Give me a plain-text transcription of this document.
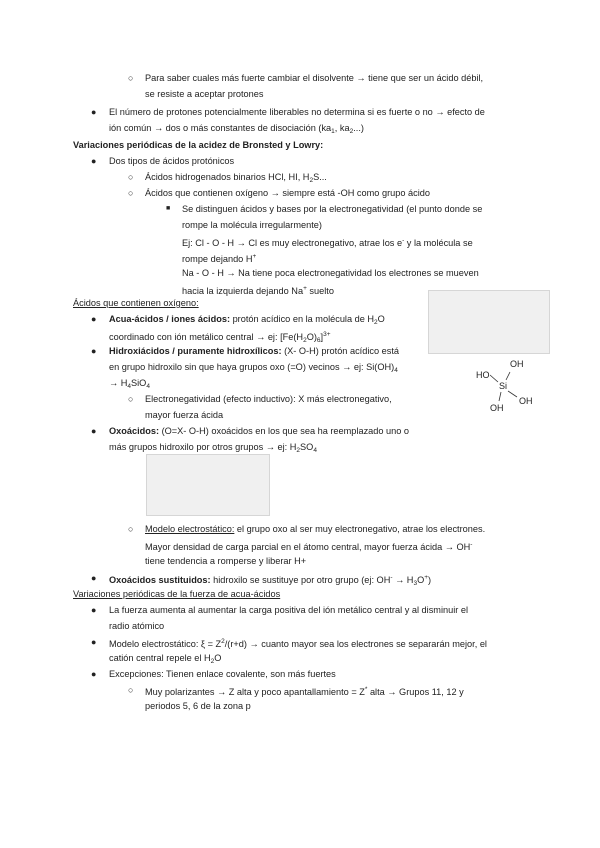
○ Para saber cuales más fuerte cambiar el disolvente → tiene que ser un ácido débil,
se resiste a aceptar protones
● El número de protones potencialmente liberables no determina si es fuerte o no → efecto de
ión común → dos o más constantes de disociación ($ka_1$, $ka_2$...)
Variaciones periódicas de la acidez de Bronsted y Lowry:
● Dos tipos de ácidos protónicos
○ Ácidos hidrogenados binarios HCl, HI, $H_2S$...
○ Ácidos que contienen oxígeno → siempre está -OH como grupo ácido
■ Se distinguen ácidos y bases por la electronegatividad (el punto donde se
rompe la molécula irregularmente)
Ej: Cl - O - H → Cl es muy electronegativo, atrae los e- y la molécula se
rompe dejando H+
Na - O - H → Na tiene poca electronegatividad los electrones se mueven
hacia la izquierda dejando Na+ suelto
Ácidos que contienen oxígeno:
● Acua-ácidos / iones ácidos: protón acídico en la molécula de $H_2O$
coordinado con ión metálico central → ej: $[Fe(H_2O)_6]^{3+}$
● Hidroxiácidos / puramente hidroxílicos: (X- O-H) protón acídico está
en grupo hidroxilo sin que haya grupos oxo (=O) vecinos → ej: $Si(OH)_4$
→ $H_4SiO_4$
OH
HO
Si
OH
OH
○ Electronegatividad (efecto inductivo): X más electronegativo,
mayor fuerza ácida
● Oxoácidos: (O=X- O-H) oxoácidos en los que sea ha reemplazado uno o
más grupos hidroxilo por otros grupos → ej: $H_2SO_4$
○ Modelo electrostático: el grupo oxo al ser muy electronegativo, atrae los electrones.
Mayor densidad de carga parcial en el átomo central, mayor fuerza ácida → OH-
tiene tendencia a romperse y liberar H+
● Oxoácidos sustituidos: hidroxilo se sustituye por otro grupo (ej: $OH^- \to H_3O^+$)
Variaciones periódicas de la fuerza de acua-ácidos
● La fuerza aumenta al aumentar la carga positiva del ión metálico central y al disminuir el
radio atómico
● Modelo electrostático: $\xi = Z^2/(r+d)$ → cuanto mayor sea los electrones se separarán mejor, el
catión central repele el $H_2O$
● Excepciones: Tienen enlace covalente, son más fuertes
○ Muy polarizantes → Z alta y poco apantallamiento = Z* alta → Grupos 11, 12 y
periodos 5, 6 de la zona p
